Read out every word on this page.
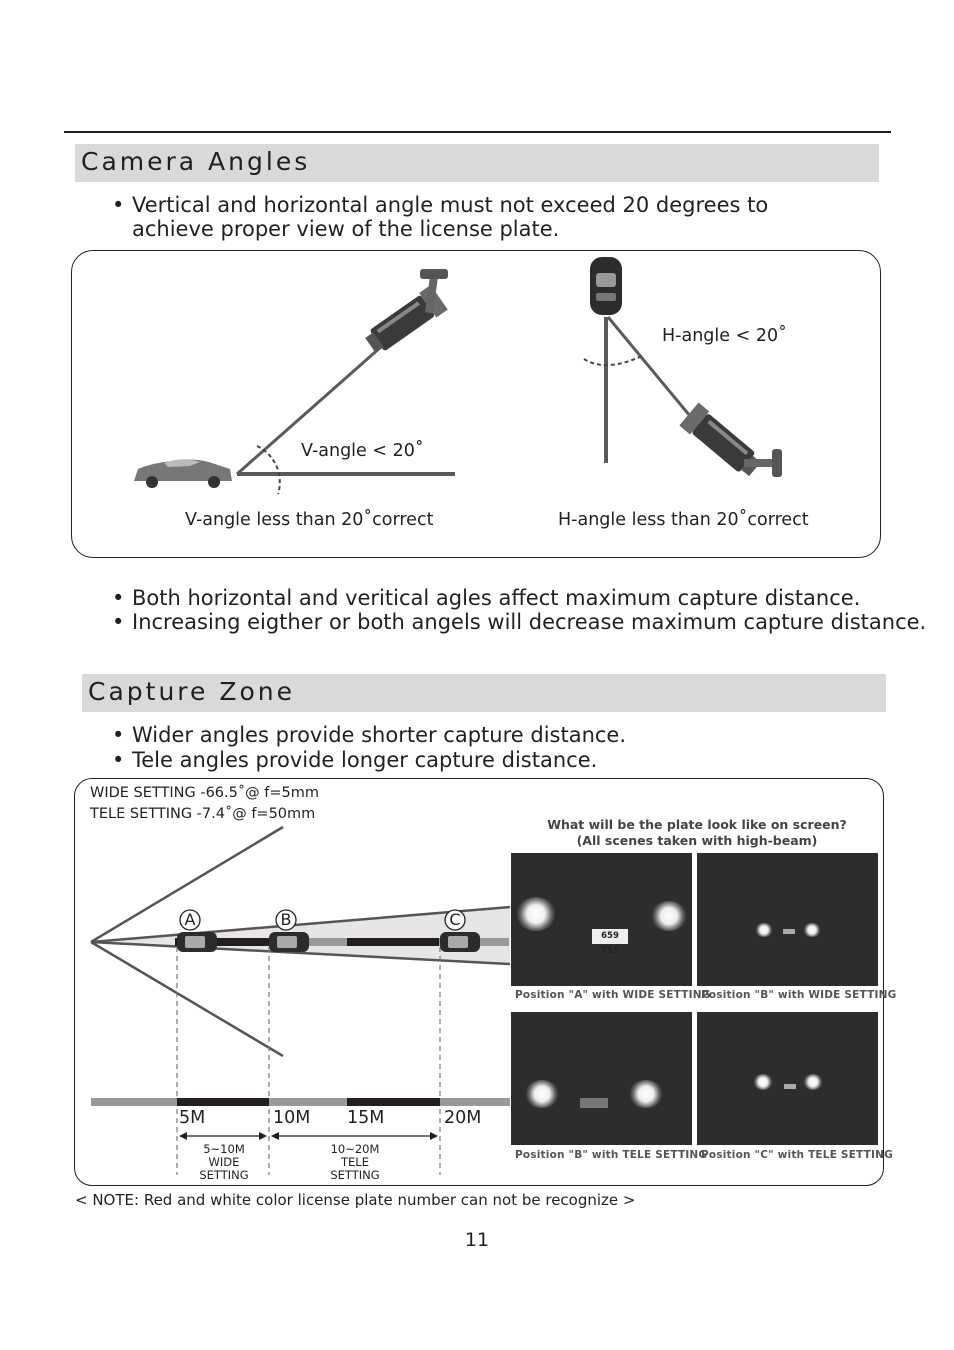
Camera Angles
• Vertical and horizontal angle must not exceed 20 degrees to
achieve proper view of the license plate.
V-angle < 20˚
H-angle < 20˚
V-angle less than 20˚correct	H-angle less than 20˚correct
• Both horizontal and veritical agles affect maximum capture distance.
• Increasing eigther or both angels will decrease maximum capture distance.
Capture Zone
• Wider angles provide shorter capture distance.
• Tele angles provide longer capture distance.
WIDE SETTING -66.5˚@ f=5mm
TELE SETTING -7.4˚@ f=50mm
A	B	C
5M	10M 15M	20M
5~10M
WIDE
SETTING
10~20M
TELE
SETTING
What will be the plate look like on screen?
(All scenes taken with high-beam)
659 T51
Position "A" with WIDE SETTING
Position "B" with WIDE SETTING
Position "B" with TELE SETTING
Position "C" with TELE SETTING
< NOTE: Red and white color license plate number can not be recognize >
11
